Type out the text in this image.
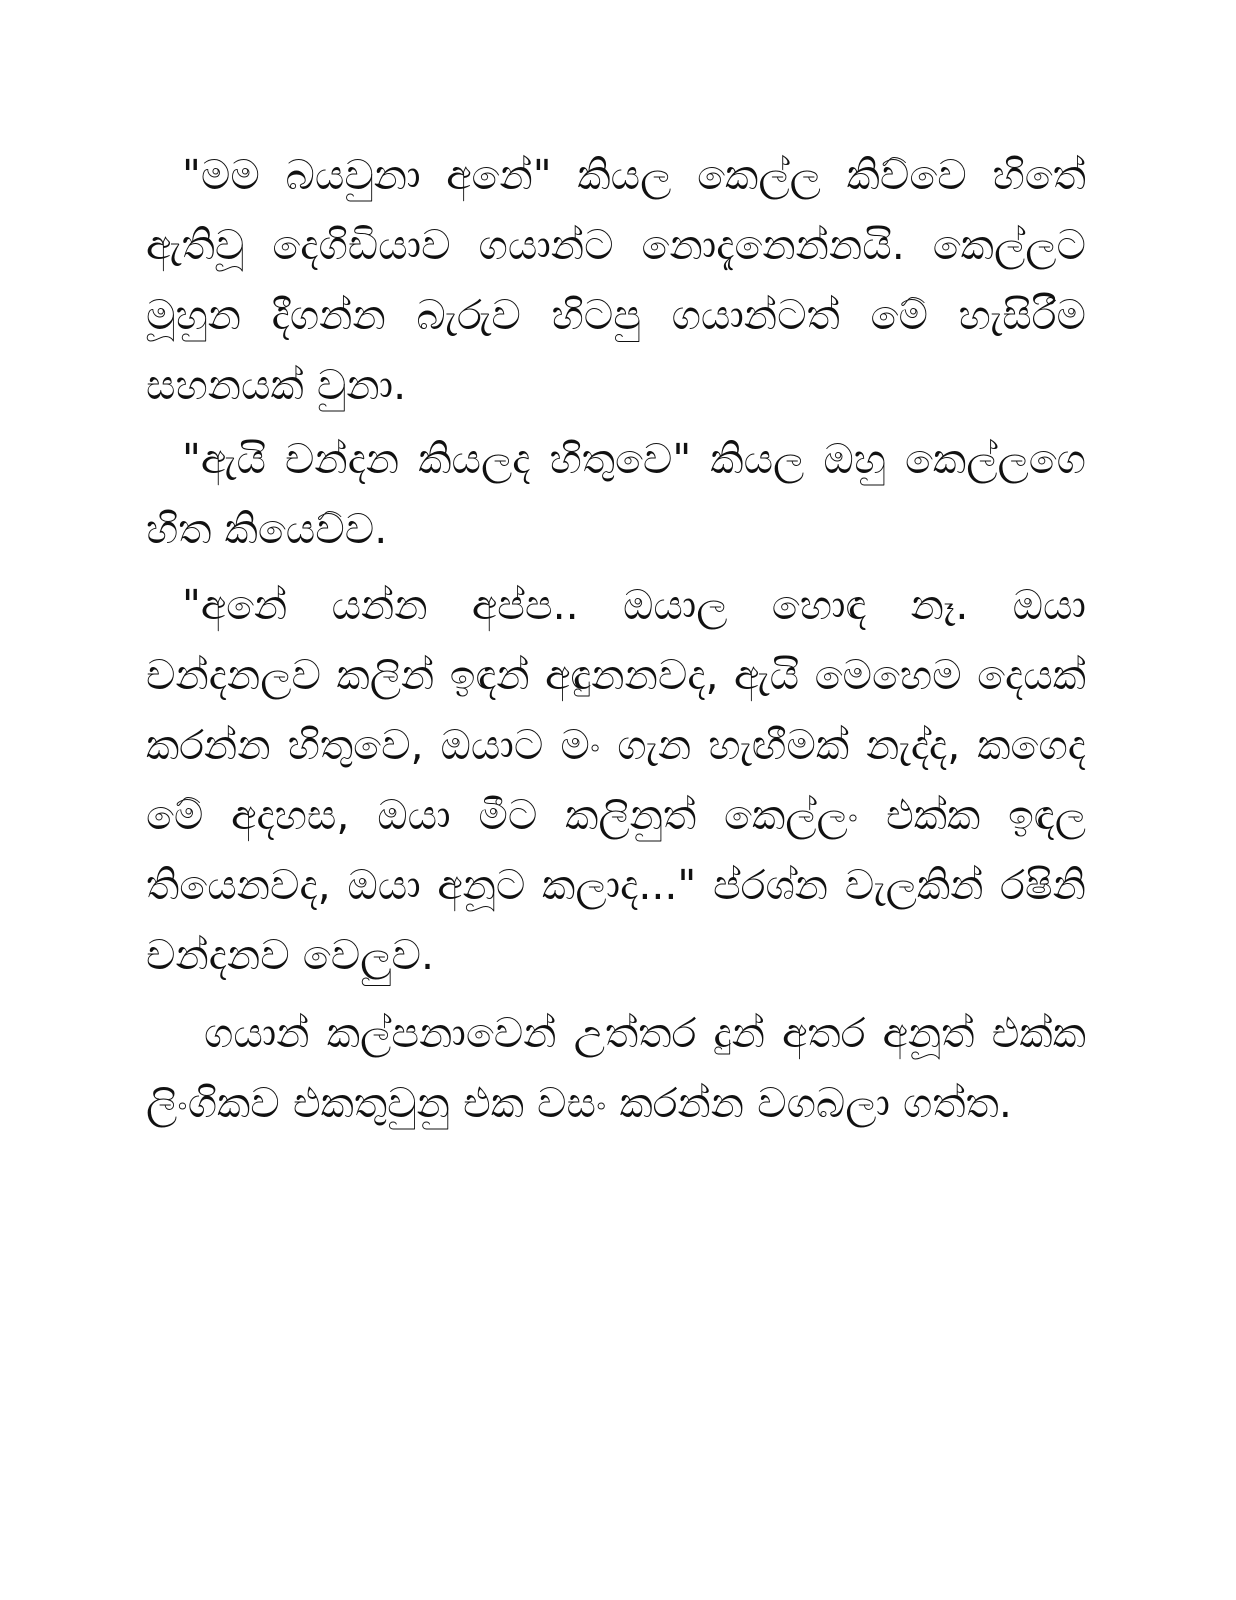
"මම බයවුනා අනේ" කියල කෙල්ල කිව්වෙ හිතේ ඇතිවූ දෙගිඩියාව ගයාන්ට නොදැනෙන්නයි. කෙල්ලට මූහුන දීගන්න බැරුව හිටපු ගයාන්ටත් මේ හැසිරීම සහනයක් වුනා.

"ඇයි චන්දන කියලද හිතුවෙ" කියල ඔහු කෙල්ලගෙ හිත කියෙව්ව.

"අනේ යන්න අප්ප.. ඔයාල හොඳ නෑ. ඔයා චන්දනලව කලින් ඉඳන් අඳුනනවද, ඇයි මෙහෙම දෙයක් කරන්න හිතුවෙ, ඔයාට මං ගැන හැඟීමක් නැද්ද, කගෙද මේ අදහස, ඔයා මීට කලිනුත් කෙල්ලං එක්ක ඉඳල තියෙනවද, ඔයා අනූට කලාද..." ප්රශ්න වැලකින් රෂිනි චන්දනව වෙලුව.

ගයාන් කල්පනාවෙන් උත්තර දුන් අතර අනූත් එක්ක ලිංගිකව එකතුවුනු එක වසං කරන්න වගබලා ගත්ත.
